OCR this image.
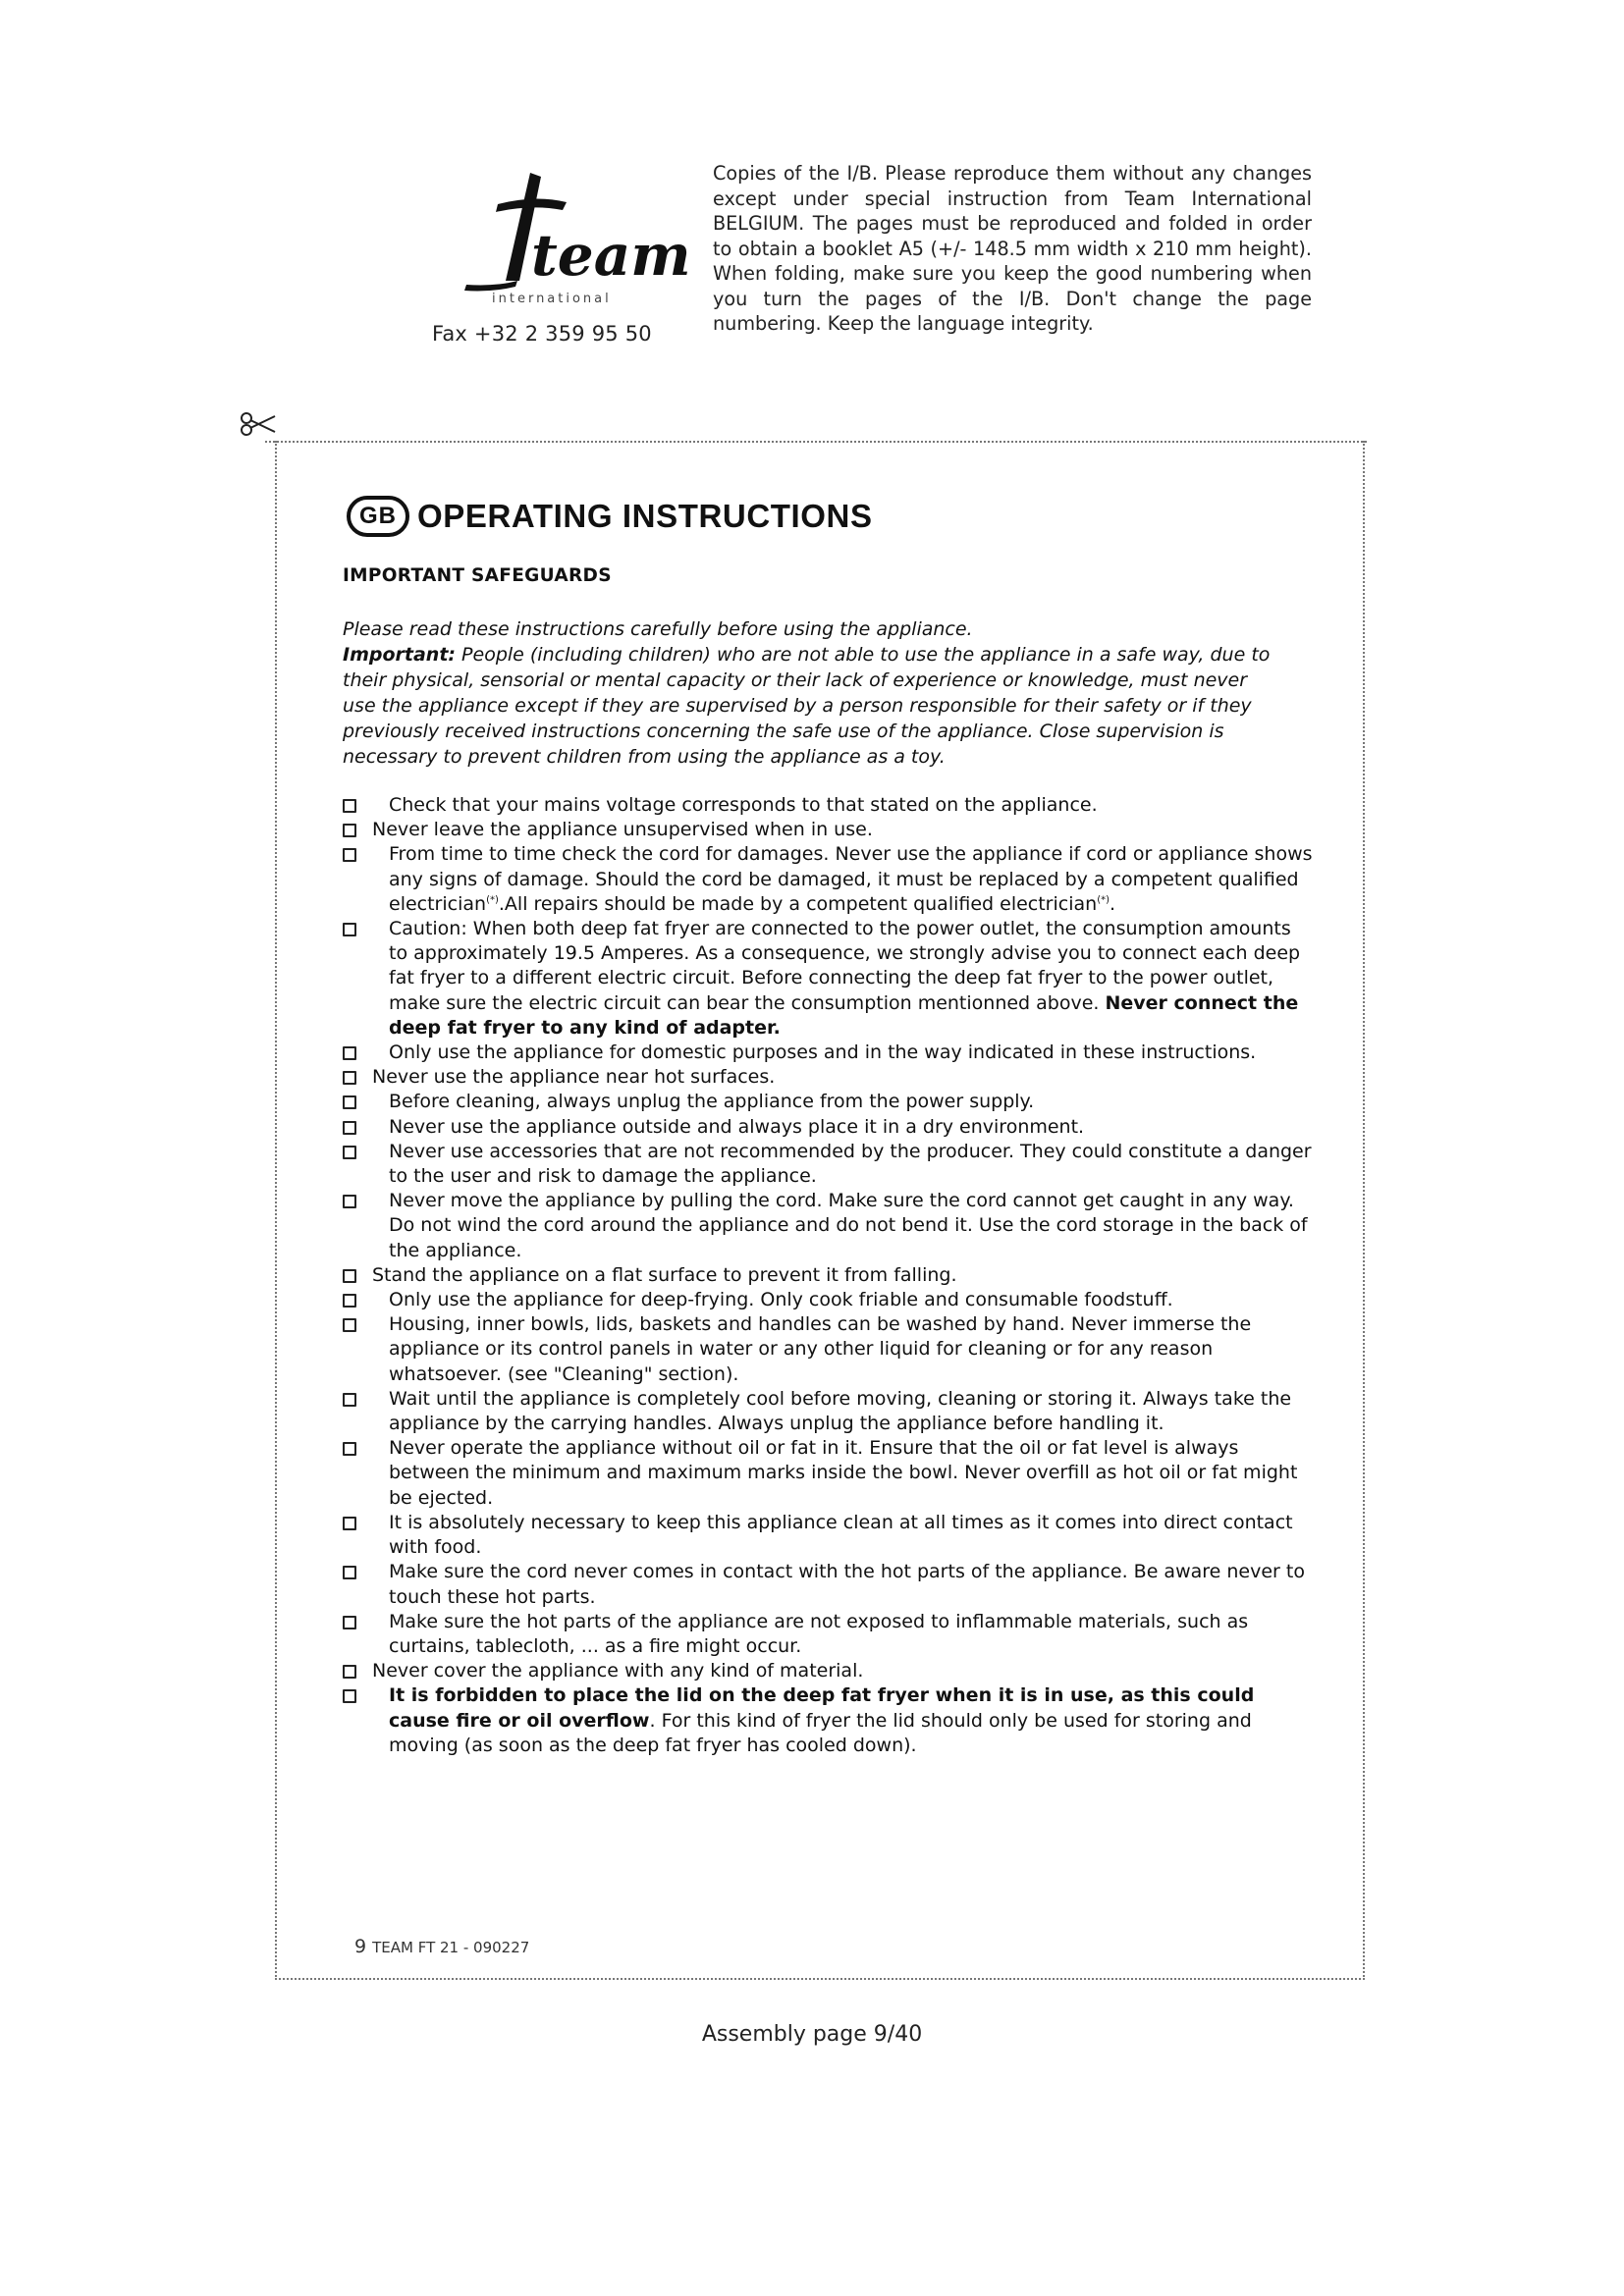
team
international
Fax +32 2 359 95 50
Copies of the I/B. Please reproduce them without any changes except under special instruction from Team International BELGIUM. The pages must be reproduced and folded in order to obtain a booklet A5 (+/- 148.5 mm width x 210 mm height). When folding, make sure you keep the good numbering when you turn the pages of the I/B. Don't change the page numbering. Keep the language integrity.
GB OPERATING INSTRUCTIONS
IMPORTANT SAFEGUARDS

Please read these instructions carefully before using the appliance.

Important: People (including children) who are not able to use the appliance in a safe way, due to their physical, sensorial or mental capacity or their lack of experience or knowledge, must never use the appliance except if they are supervised by a person responsible for their safety or if they previously received instructions concerning the safe use of the appliance. Close supervision is necessary to prevent children from using the appliance as a toy.

Check that your mains voltage corresponds to that stated on the appliance.
Never leave the appliance unsupervised when in use.
From time to time check the cord for damages. Never use the appliance if cord or appliance shows any signs of damage. Should the cord be damaged, it must be replaced by a competent qualified electrician(*).All repairs should be made by a competent qualified electrician(*).
Caution: When both deep fat fryer are connected to the power outlet, the consumption amounts to approximately 19.5 Amperes. As a consequence, we strongly advise you to connect each deep fat fryer to a different electric circuit. Before connecting the deep fat fryer to the power outlet, make sure the electric circuit can bear the consumption mentionned above. Never connect the deep fat fryer to any kind of adapter.
Only use the appliance for domestic purposes and in the way indicated in these instructions.
Never use the appliance near hot surfaces.
Before cleaning, always unplug the appliance from the power supply.
Never use the appliance outside and always place it in a dry environment.
Never use accessories that are not recommended by the producer. They could constitute a danger to the user and risk to damage the appliance.
Never move the appliance by pulling the cord. Make sure the cord cannot get caught in any way. Do not wind the cord around the appliance and do not bend it. Use the cord storage in the back of the appliance.
Stand the appliance on a flat surface to prevent it from falling.
Only use the appliance for deep-frying. Only cook friable and consumable foodstuff.
Housing, inner bowls, lids, baskets and handles can be washed by hand. Never immerse the appliance or its control panels in water or any other liquid for cleaning or for any reason whatsoever. (see "Cleaning" section).
Wait until the appliance is completely cool before moving, cleaning or storing it. Always take the appliance by the carrying handles. Always unplug the appliance before handling it.
Never operate the appliance without oil or fat in it. Ensure that the oil or fat level is always between the minimum and maximum marks inside the bowl. Never overfill as hot oil or fat might be ejected.
It is absolutely necessary to keep this appliance clean at all times as it comes into direct contact with food.
Make sure the cord never comes in contact with the hot parts of the appliance. Be aware never to touch these hot parts.
Make sure the hot parts of the appliance are not exposed to inflammable materials, such as curtains, tablecloth, ... as a fire might occur.
Never cover the appliance with any kind of material.
It is forbidden to place the lid on the deep fat fryer when it is in use, as this could cause fire or oil overflow. For this kind of fryer the lid should only be used for storing and moving (as soon as the deep fat fryer has cooled down).
9 TEAM FT 21 - 090227
Assembly page 9/40
